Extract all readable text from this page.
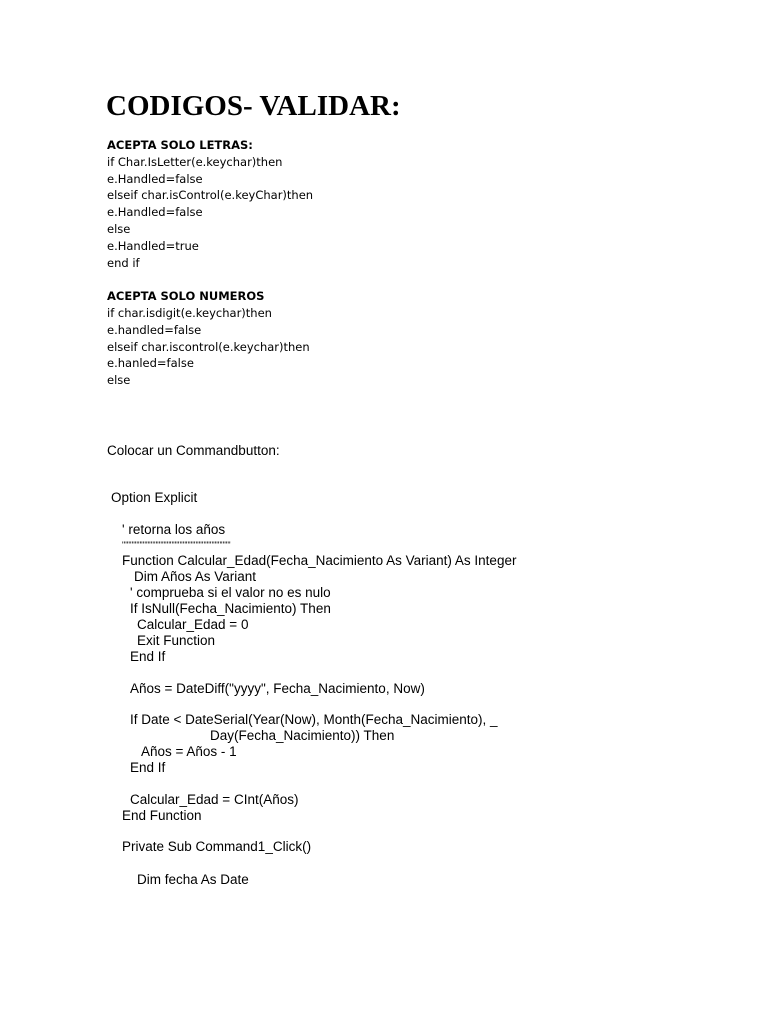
CODIGOS- VALIDAR:
ACEPTA SOLO LETRAS:
if Char.IsLetter(e.keychar)then
e.Handled=false
elseif char.isControl(e.keyChar)then
e.Handled=false
else
e.Handled=true
end if
ACEPTA SOLO NUMEROS
if char.isdigit(e.keychar)then
e.handled=false
elseif char.iscontrol(e.keychar)then
e.hanled=false
else
Colocar un Commandbutton:
Option Explicit
' retorna los años
""""""""""""""""""""""""""""""""""
Function Calcular_Edad(Fecha_Nacimiento As Variant) As Integer
Dim Años As Variant
' comprueba si el valor no es nulo
If IsNull(Fecha_Nacimiento) Then
Calcular_Edad = 0
Exit Function
End If
Años = DateDiff("yyyy", Fecha_Nacimiento, Now)
If Date < DateSerial(Year(Now), Month(Fecha_Nacimiento), _
Day(Fecha_Nacimiento)) Then
Años = Años - 1
End If
Calcular_Edad = CInt(Años)
End Function
Private Sub Command1_Click()
Dim fecha As Date
